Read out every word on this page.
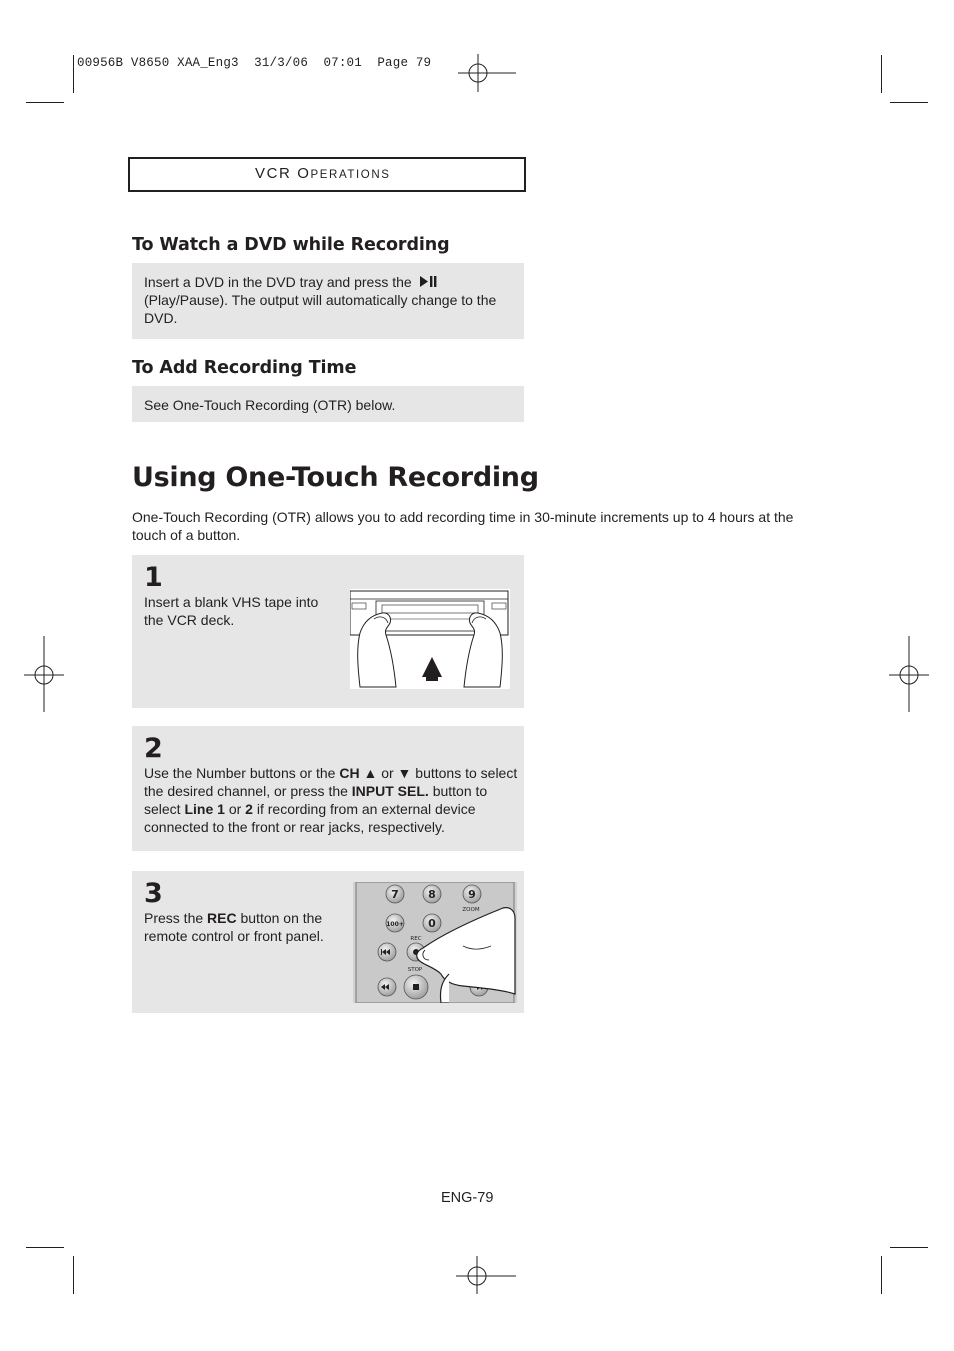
00956B V8650 XAA_Eng3  31/3/06  07:01  Page 79
VCR OPERATIONS
To Watch a DVD while Recording
Insert a DVD in the DVD tray and press the
(Play/Pause). The output will automatically change to the
DVD.
To Add Recording Time
See One-Touch Recording (OTR) below.
Using One-Touch Recording
One-Touch Recording (OTR) allows you to add recording time in 30-minute increments up to 4 hours at the
touch of a button.
1
Insert a blank VHS tape into
the VCR deck.
2
Use the Number buttons or the CH ▲ or ▼ buttons to select
the desired channel, or press the INPUT SEL. button to
select Line 1 or 2 if recording from an external device
connected to the front or rear jacks, respectively.
3
Press the REC button on the
remote control or front panel.
7	8	9
100+ 0
ZOOM
REC
STOP
ENG-79
